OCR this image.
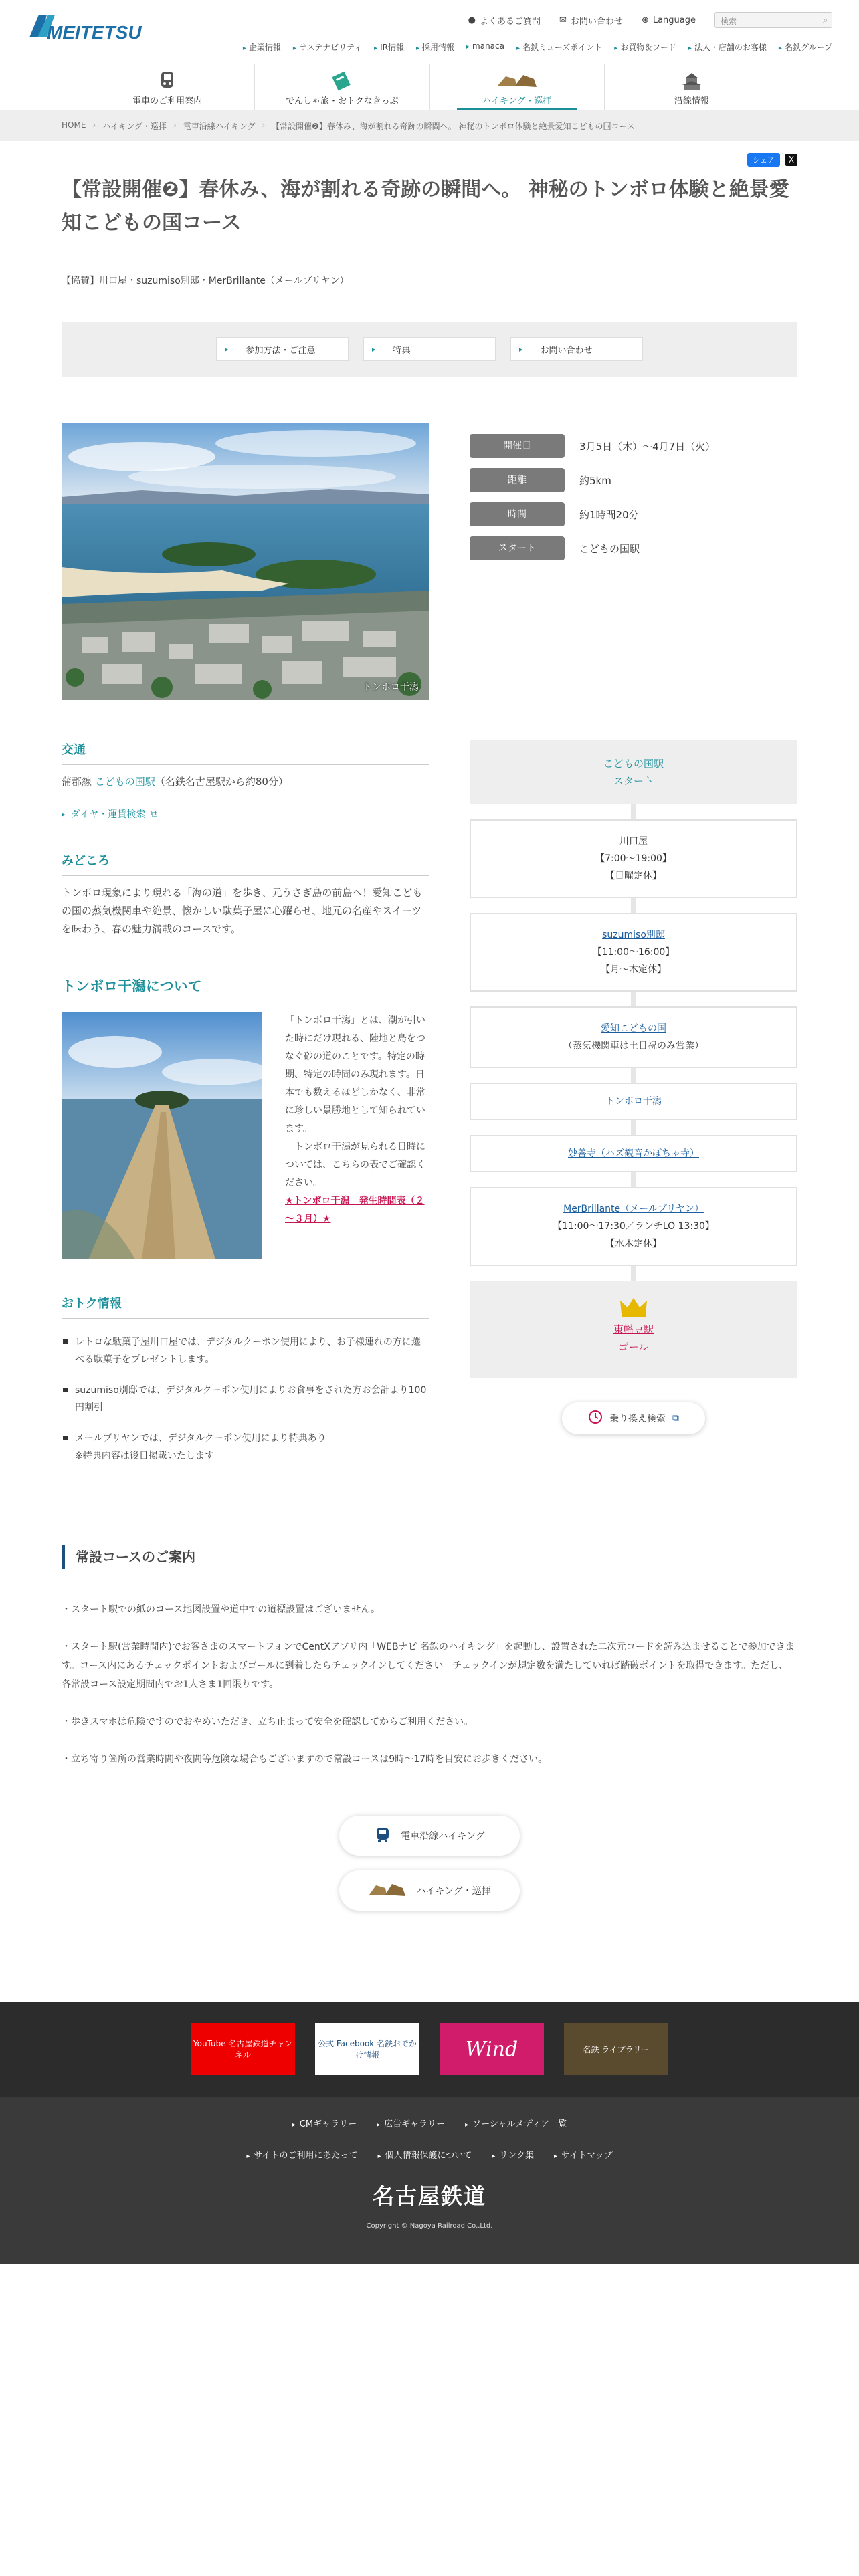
MEITETSU
● よくあるご質問 ✉ お問い合わせ ⊕ Language	検索	⌕
▸ 企業情報	▸ サステナビリティ	▸ IR情報	▸ 採用情報	▸ manaca	▸ 名鉄ミューズポイント	▸ お買物＆フード	▸ 法人・店舗のお客様	▸ 名鉄グループ
電車のご利用案内	でんしゃ旅・おトクなきっぷ	ハイキング・巡拝	沿線情報
HOME › ハイキング・巡拝 › 電車沿線ハイキング › 【常設開催❷】春休み、海が割れる奇跡の瞬間へ。 神秘のトンボロ体験と絶景愛知こどもの国コース
シェア	X
【常設開催❷】春休み、海が割れる奇跡の瞬間へ。 神秘のトンボロ体験と絶景愛知こどもの国コース

【協賛】川口屋・suzumiso別邸・MerBrillante（メールブリヤン）

▸ 参加方法・ご注意	▸ 特典	▸ お問い合わせ
トンボロ干潟
開催日	3月5日（木）～4月7日（火）
距離	約5km
時間	約1時間20分
スタート	こどもの国駅
交通

蒲郡線 こどもの国駅（名鉄名古屋駅から約80分）

▸ ダイヤ・運賃検索 ⧉
みどころ

トンボロ現象により現れる「海の道」を歩き、元うさぎ島の前島へ！愛知こどもの国の蒸気機関車や絶景、懐かしい駄菓子屋に心躍らせ、地元の名産やスイーツを味わう、春の魅力満載のコースです。

トンボロ干潟について

「トンボロ干潟」とは、潮が引いた時にだけ現れる、陸地と島をつなぐ砂の道のことです。特定の時期、特定の時間のみ現れます。日本でも数えるほどしかなく、非常に珍しい景勝地として知られています。

トンボロ干潟が見られる日時については、こちらの表でご確認ください。

★トンボロ干潟　発生時間表（２～３月）★

おトク情報
レトロな駄菓子屋川口屋では、デジタルクーポン使用により、お子様連れの方に選べる駄菓子をプレゼントします。
suzumiso別邸では、デジタルクーポン使用によりお食事をされた方お会計より100円割引
メールブリヤンでは、デジタルクーポン使用により特典あり
※特典内容は後日掲載いたします
こどもの国駅
スタート
川口屋
【7:00～19:00】
【日曜定休】
suzumiso別邸
【11:00～16:00】
【月～木定休】
愛知こどもの国
（蒸気機関車は土日祝のみ営業）
トンボロ干潟
妙善寺（ハズ観音かぼちゃ寺）
MerBrillante（メールブリヤン）
【11:00～17:30／ランチLO 13:30】
【水木定休】
東幡豆駅
ゴール
乗り換え検索 ⧉
常設コースのご案内

・スタート駅での紙のコース地図設置や道中での道標設置はございません。

・スタート駅(営業時間内)でお客さまのスマートフォンでCentXアプリ内「WEBナビ 名鉄のハイキング」を起動し、設置された二次元コードを読み込ませることで参加できます。コース内にあるチェックポイントおよびゴールに到着したらチェックインしてください。チェックインが規定数を満たしていれば踏破ポイントを取得できます。ただし、各常設コース設定期間内でお1人さま1回限りです。

・歩きスマホは危険ですのでおやめいただき、立ち止まって安全を確認してからご利用ください。

・立ち寄り箇所の営業時間や夜間等危険な場合もございますので常設コースは9時〜17時を目安にお歩きください。

電車沿線ハイキング
ハイキング・巡拝
YouTube 名古屋鉄道チャンネル
公式 Facebook 名鉄おでかけ情報	Wind	名鉄 ライブラリー
▸ CMギャラリー	▸ 広告ギャラリー	▸ ソーシャルメディア一覧
▸ サイトのご利用にあたって	▸ 個人情報保護について	▸ リンク集	▸ サイトマップ
名古屋鉄道
Copyright © Nagoya Railroad Co.,Ltd.
